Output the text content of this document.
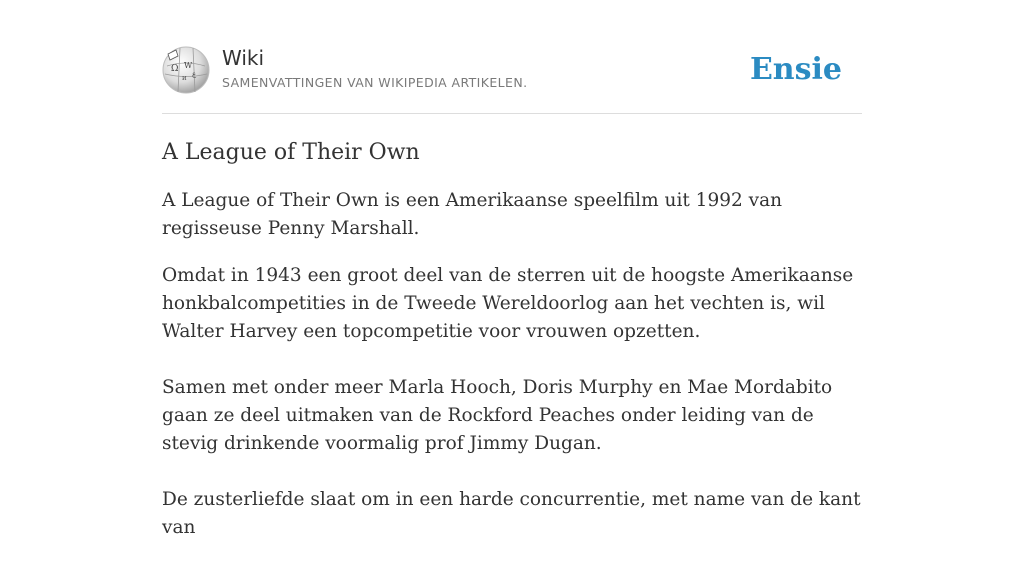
Ω W
и ع
Wiki
SAMENVATTINGEN VAN WIKIPEDIA ARTIKELEN.	Ensie
A League of Their Own

A League of Their Own is een Amerikaanse speelfilm uit 1992 van regisseuse Penny Marshall.

Omdat in 1943 een groot deel van de sterren uit de hoogste Amerikaanse honkbalcompetities in de Tweede Wereldoorlog aan het vechten is, wil Walter Harvey een topcompetitie voor vrouwen opzetten.

Samen met onder meer Marla Hooch, Doris Murphy en Mae Mordabito gaan ze deel uitmaken van de Rockford Peaches onder leiding van de stevig drinkende voormalig prof Jimmy Dugan.

De zusterliefde slaat om in een harde concurrentie, met name van de kant van
